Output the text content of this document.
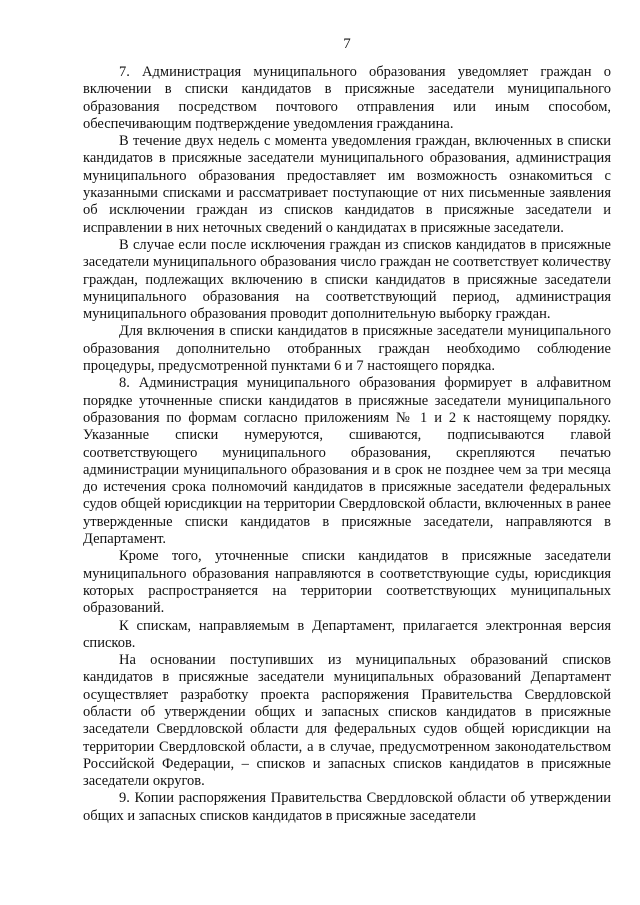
7

7. Администрация муниципального образования уведомляет граждан о включении в списки кандидатов в присяжные заседатели муниципального образования посредством почтового отправления или иным способом, обеспечивающим подтверждение уведомления гражданина.

В течение двух недель с момента уведомления граждан, включенных в списки кандидатов в присяжные заседатели муниципального образования, администрация муниципального образования предоставляет им возможность ознакомиться с указанными списками и рассматривает поступающие от них письменные заявления об исключении граждан из списков кандидатов в присяжные заседатели и исправлении в них неточных сведений о кандидатах в присяжные заседатели.

В случае если после исключения граждан из списков кандидатов в присяжные заседатели муниципального образования число граждан не соответствует количеству граждан, подлежащих включению в списки кандидатов в присяжные заседатели муниципального образования на соответствующий период, администрация муниципального образования проводит дополнительную выборку граждан.

Для включения в списки кандидатов в присяжные заседатели муниципального образования дополнительно отобранных граждан необходимо соблюдение процедуры, предусмотренной пунктами 6 и 7 настоящего порядка.

8. Администрация муниципального образования формирует в алфавитном порядке уточненные списки кандидатов в присяжные заседатели муниципального образования по формам согласно приложениям № 1 и 2 к настоящему порядку. Указанные списки нумеруются, сшиваются, подписываются главой соответствующего муниципального образования, скрепляются печатью администрации муниципального образования и в срок не позднее чем за три месяца до истечения срока полномочий кандидатов в присяжные заседатели федеральных судов общей юрисдикции на территории Свердловской области, включенных в ранее утвержденные списки кандидатов в присяжные заседатели, направляются в Департамент.

Кроме того, уточненные списки кандидатов в присяжные заседатели муниципального образования направляются в соответствующие суды, юрисдикция которых распространяется на территории соответствующих муниципальных образований.

К спискам, направляемым в Департамент, прилагается электронная версия списков.

На основании поступивших из муниципальных образований списков кандидатов в присяжные заседатели муниципальных образований Департамент осуществляет разработку проекта распоряжения Правительства Свердловской области об утверждении общих и запасных списков кандидатов в присяжные заседатели Свердловской области для федеральных судов общей юрисдикции на территории Свердловской области, а в случае, предусмотренном законодательством Российской Федерации, – списков и запасных списков кандидатов в присяжные заседатели округов.

9. Копии распоряжения Правительства Свердловской области об утверждении общих и запасных списков кандидатов в присяжные заседатели
